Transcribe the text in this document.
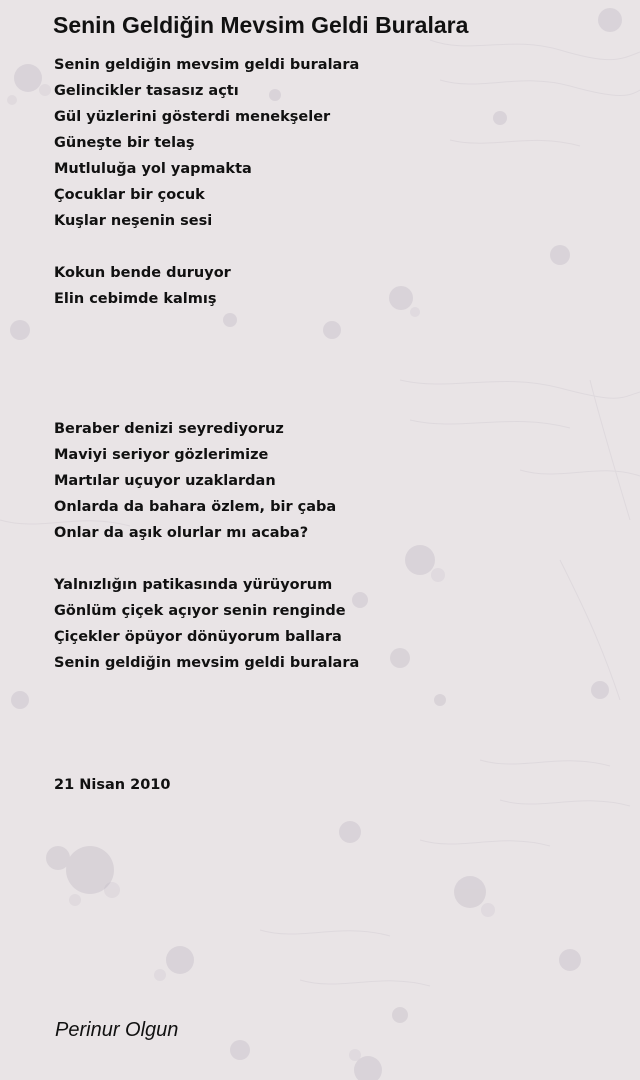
Senin Geldiğin Mevsim Geldi Buralara
Senin geldiğin mevsim geldi buralara
Gelincikler tasasız açtı
Gül yüzlerini gösterdi menekşeler
Güneşte bir telaş
Mutluluğa yol yapmakta
Çocuklar bir çocuk
Kuşlar neşenin sesi
Kokun bende duruyor
Elin cebimde kalmış
Beraber denizi seyrediyoruz
Maviyi seriyor gözlerimize
Martılar uçuyor uzaklardan
Onlarda da bahara özlem, bir çaba
Onlar da aşık olurlar mı acaba?
Yalnızlığın patikasında yürüyorum
Gönlüm çiçek açıyor senin renginde
Çiçekler öpüyor dönüyorum ballara
Senin geldiğin mevsim geldi buralara
21 Nisan 2010
Perinur Olgun
